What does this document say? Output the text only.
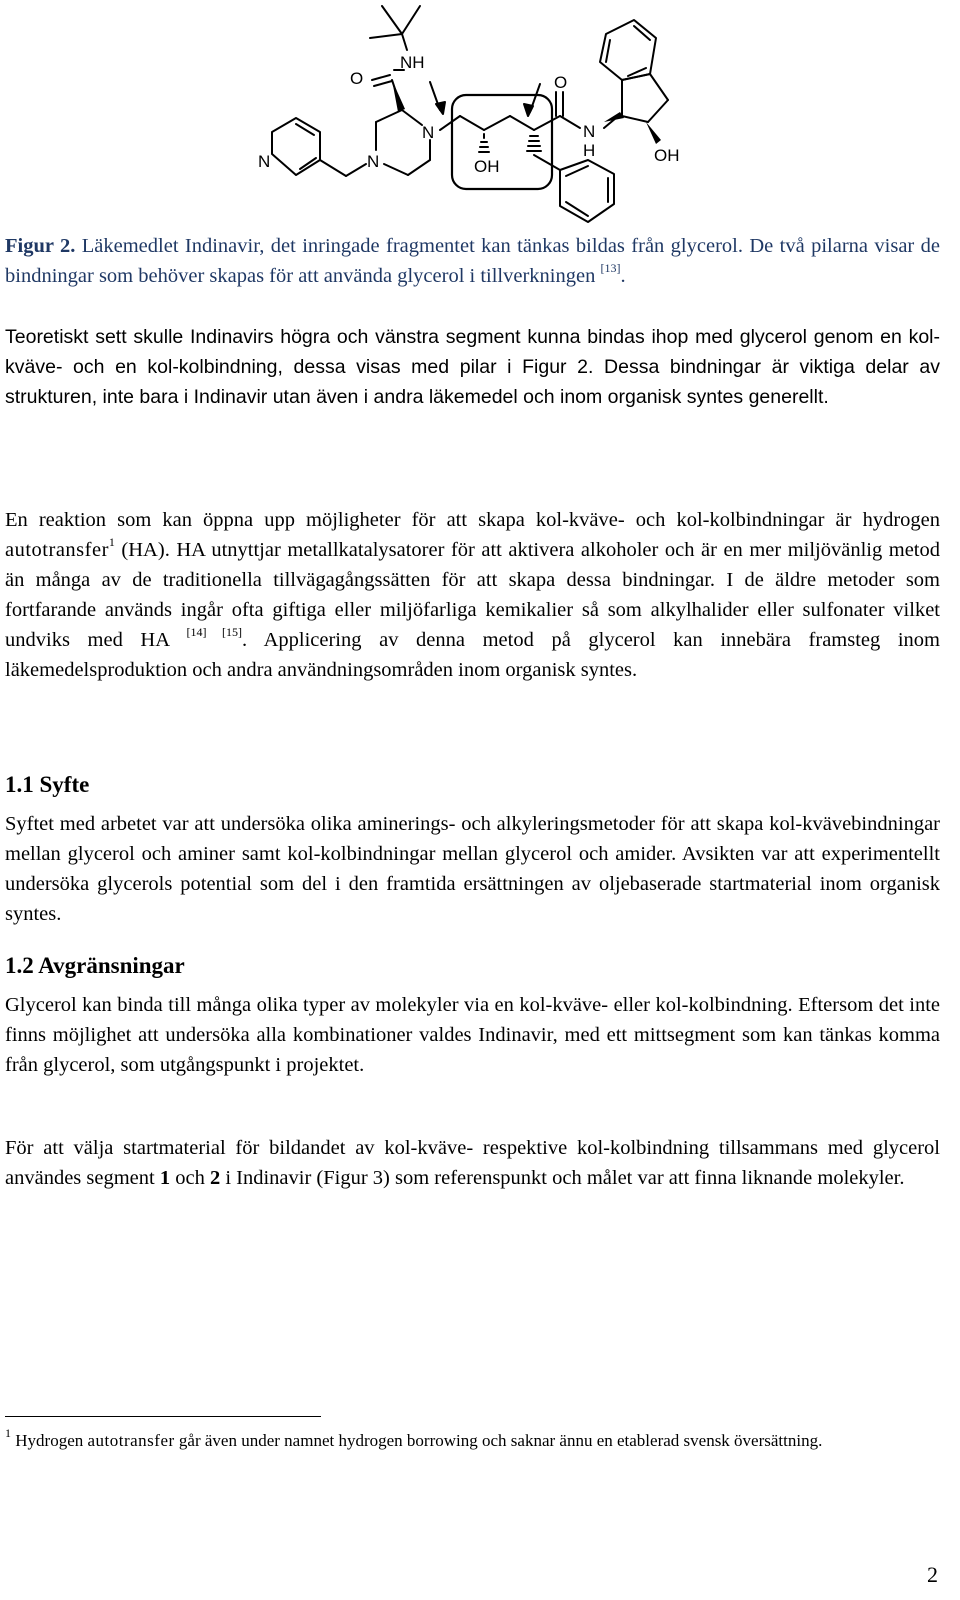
O
NH
N
N
N	OH
O
N
H	OH

Figur 2. Läkemedlet Indinavir, det inringade fragmentet kan tänkas bildas från glycerol. De två pilarna visar de bindningar som behöver skapas för att använda glycerol i tillverkningen [13].

Teoretiskt sett skulle Indinavirs högra och vänstra segment kunna bindas ihop med glycerol genom en kol-kväve- och en kol-kolbindning, dessa visas med pilar i Figur 2. Dessa bindningar är viktiga delar av strukturen, inte bara i Indinavir utan även i andra läkemedel och inom organisk syntes generellt.

En reaktion som kan öppna upp möjligheter för att skapa kol-kväve- och kol-kolbindningar är hydrogen autotransfer$^1$ (HA). HA utnyttjar metallkatalysatorer för att aktivera alkoholer och är en mer miljövänlig metod än många av de traditionella tillvägagångssätten för att skapa dessa bindningar. I de äldre metoder som fortfarande används ingår ofta giftiga eller miljöfarliga kemikalier så som alkylhalider eller sulfonater vilket undviks med HA [14] [15]. Applicering av denna metod på glycerol kan innebära framsteg inom läkemedelsproduktion och andra användningsområden inom organisk syntes.

1.1 Syfte

Syftet med arbetet var att undersöka olika aminerings- och alkyleringsmetoder för att skapa kol-kvävebindningar mellan glycerol och aminer samt kol-kolbindningar mellan glycerol och amider. Avsikten var att experimentellt undersöka glycerols potential som del i den framtida ersättningen av oljebaserade startmaterial inom organisk syntes.

1.2 Avgränsningar

Glycerol kan binda till många olika typer av molekyler via en kol-kväve- eller kol-kolbindning. Eftersom det inte finns möjlighet att undersöka alla kombinationer valdes Indinavir, med ett mittsegment som kan tänkas komma från glycerol, som utgångspunkt i projektet.

För att välja startmaterial för bildandet av kol-kväve- respektive kol-kolbindning tillsammans med glycerol användes segment 1 och 2 i Indinavir (Figur 3) som referenspunkt och målet var att finna liknande molekyler.

$^1$ Hydrogen autotransfer går även under namnet hydrogen borrowing och saknar ännu en etablerad svensk översättning.

2
